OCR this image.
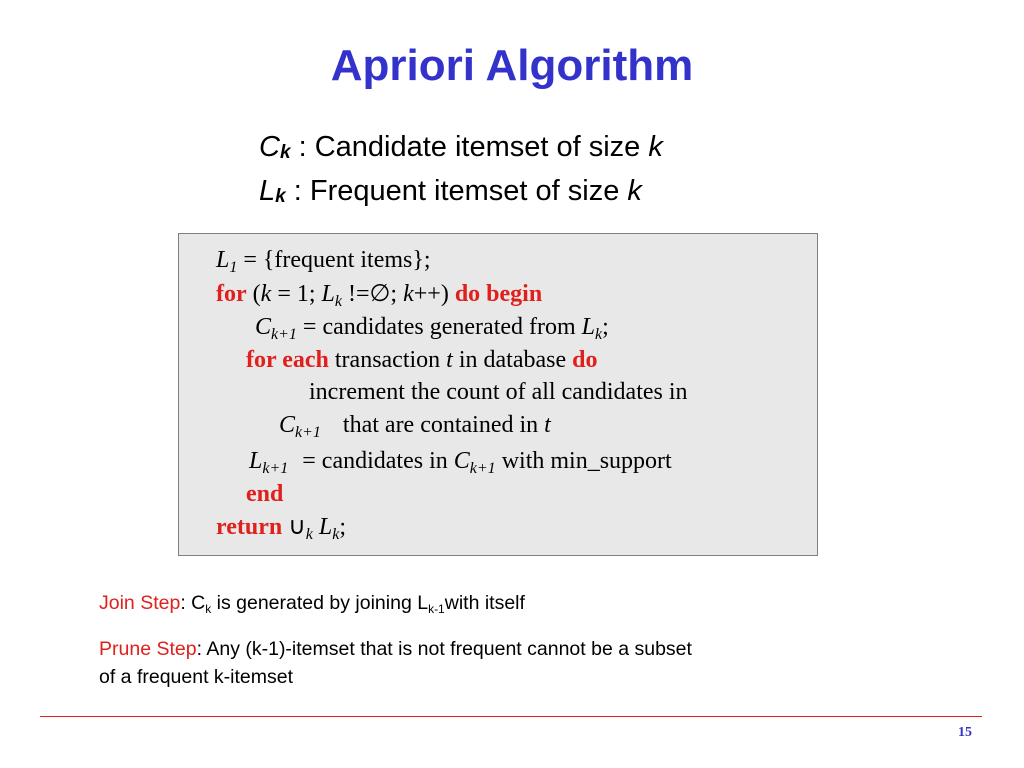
Apriori Algorithm
$C_k$ : Candidate itemset of size k
$L_k$ : Frequent itemset of size k
$L_1$ = {frequent items};
for (k = 1; $L_k$ !=∅; k++) do begin
$C_{k+1}$ = candidates generated from $L_k$;
for each transaction t in database do
increment the count of all candidates in
$C_{k+1}$ that are contained in t
$L_{k+1}$ = candidates in $C_{k+1}$ with min_support
end
return $\cup_k$ $L_k$;
Join Step: $C_k$ is generated by joining $L_{k-1}with$ itself
Prune Step: Any (k-1)-itemset that is not frequent cannot be a subset
of a frequent k-itemset
15
